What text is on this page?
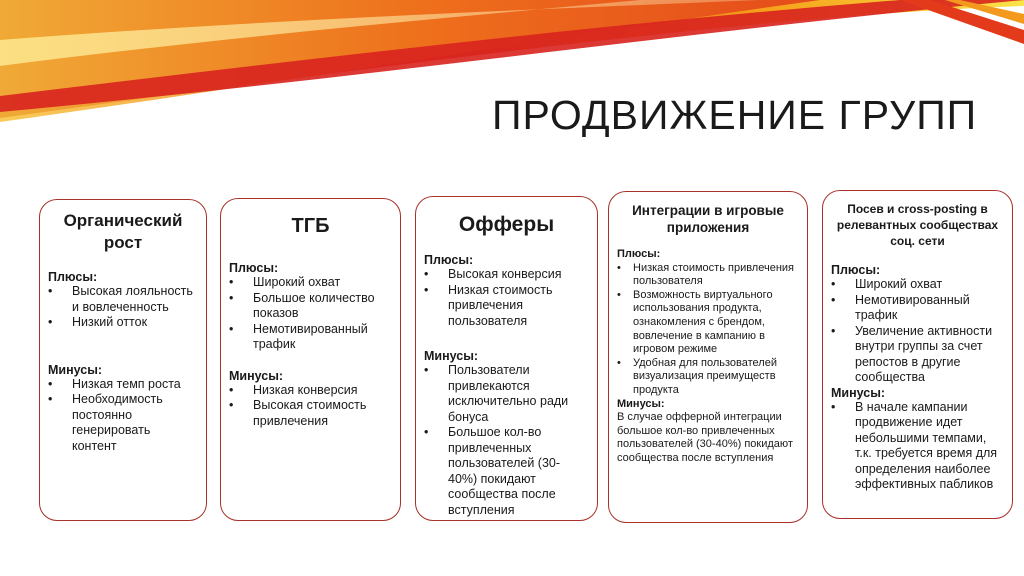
ПРОДВИЖЕНИЕ ГРУПП
Органический рост

Плюсы:

• Высокая лояльность и вовлеченность
• Низкий отток

Минусы:

• Низкая темп роста
• Необходимость постоянно генерировать контент
ТГБ

Плюсы:

• Широкий охват
• Большое количество показов
• Немотивированный трафик

Минусы:

• Низкая конверсия
• Высокая стоимость привлечения
Офферы

Плюсы:

• Высокая конверсия
• Низкая стоимость привлечения пользователя

Минусы:

• Пользователи привлекаются исключительно ради бонуса
• Большое кол-во привлеченных пользователей (30-40%) покидают сообщества после вступления
Интеграции в игровые приложения

Плюсы:

• Низкая стоимость привлечения пользователя
• Возможность виртуального использования продукта, ознакомления с брендом, вовлечение в кампанию в игровом режиме
• Удобная для пользователей визуализация преимуществ продукта

Минусы:

В случае офферной интеграции большое кол-во привлеченных пользователей (30-40%) покидают сообщества после вступления

Посев и cross-posting в релевантных сообществах соц. сети

Плюсы:

• Широкий охват
• Немотивированный трафик
• Увеличение активности внутри группы за счет репостов в другие сообщества

Минусы:

• В начале кампании продвижение идет небольшими темпами, т.к. требуется время для определения наиболее эффективных пабликов
